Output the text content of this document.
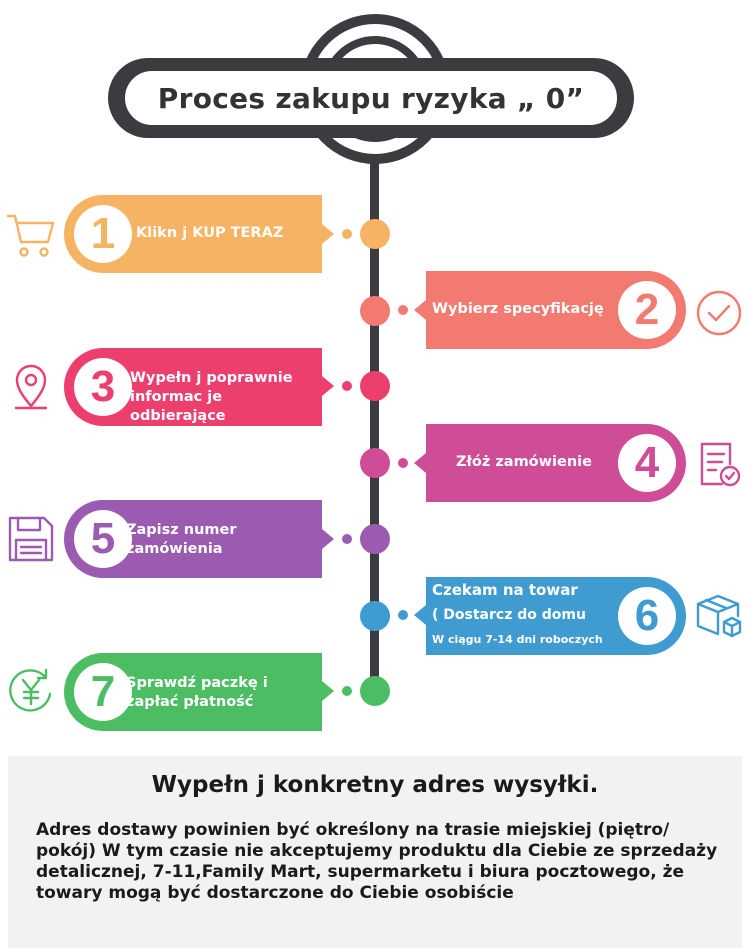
Proces zakupu ryzyka „ 0”
1	Klikn j KUP TERAZ
Wybierz specyfikację 2
3	Wypełn j poprawnie
informac je odbierające
Złóż zamówienie 4
5 Zapisz numer
zamówienia
Czekam na towar
( Dostarcz do domu
W ciągu 7-14 dni roboczych 6
7 Sprawdź paczkę i
zapłać płatność
Wypełn j konkretny adres wysyłki.
Adres dostawy powinien być określony na trasie miejskiej (piętro/ pokój) W tym czasie nie akceptujemy produktu dla Ciebie ze sprzedaży detalicznej, 7-11,Family Mart, supermarketu i biura pocztowego, że towary mogą być dostarczone do Ciebie osobiście
